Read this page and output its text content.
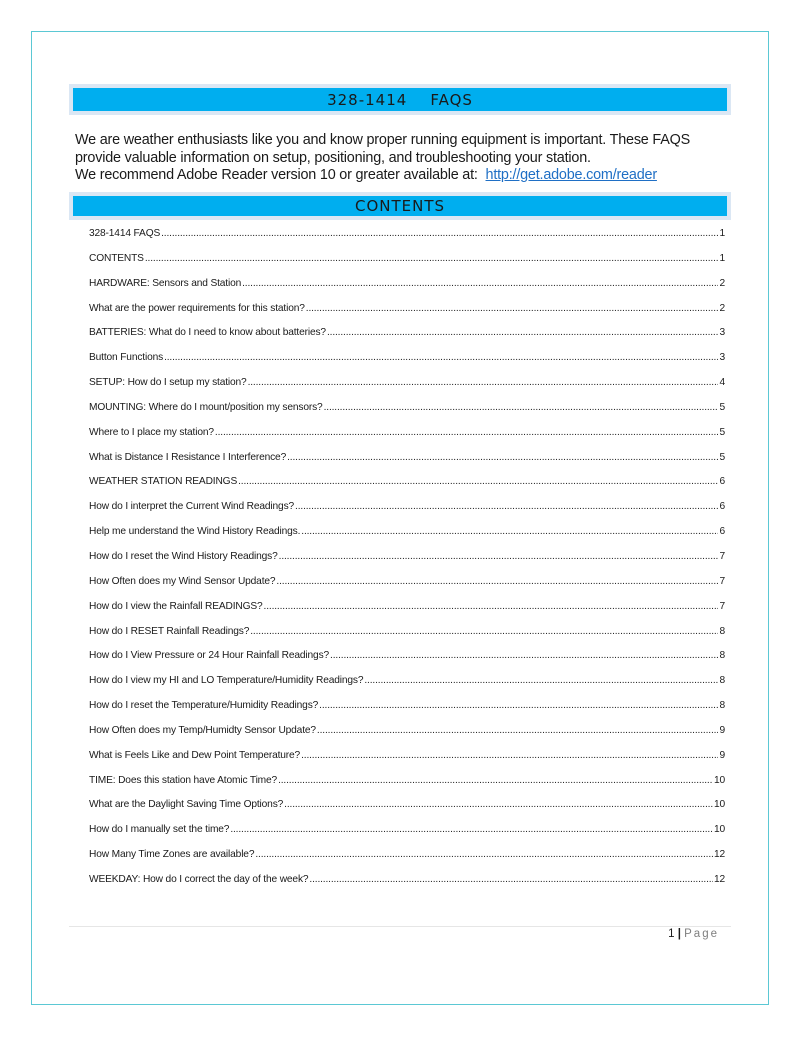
328-1414    FAQS

We are weather enthusiasts like you and know proper running equipment is important. These FAQS provide valuable information on setup, positioning, and troubleshooting your station.

We recommend Adobe Reader version 10 or greater available at: http://get.adobe.com/reader

CONTENTS
328-1414 FAQS .....	1
CONTENTS .....	1
HARDWARE: Sensors and Station .....	2
What are the power requirements for this station? .....	2
BATTERIES: What do I need to know about batteries? .....	3
Button Functions .....	3
SETUP: How do I setup my station? .....	4
MOUNTING: Where do I mount/position my sensors? .....	5
Where to I place my station? .....	5
What is Distance I Resistance I Interference? .....	5
WEATHER STATION READINGS .....	6
How do I interpret the Current Wind Readings? .....	6
Help me understand the Wind History Readings. .....	6
How do I reset the Wind History Readings? .....	7
How Often does my Wind Sensor Update? .....	7
How do I view the Rainfall READINGS? .....	7
How do I RESET Rainfall Readings? .....	8
How do I View Pressure or 24 Hour Rainfall Readings? .....	8
How do I view my HI and LO Temperature/Humidity Readings? .....	8
How do I reset the Temperature/Humidity Readings? .....	8
How Often does my Temp/Humidty Sensor Update? .....	9
What is Feels Like and Dew Point Temperature? .....	9
TIME: Does this station have Atomic Time? .....	10
What are the Daylight Saving Time Options? .....	10
How do I manually set the time? .....	10
How Many Time Zones are available? .....	12
WEEKDAY: How do I correct the day of the week? .....	12
1 | Page
